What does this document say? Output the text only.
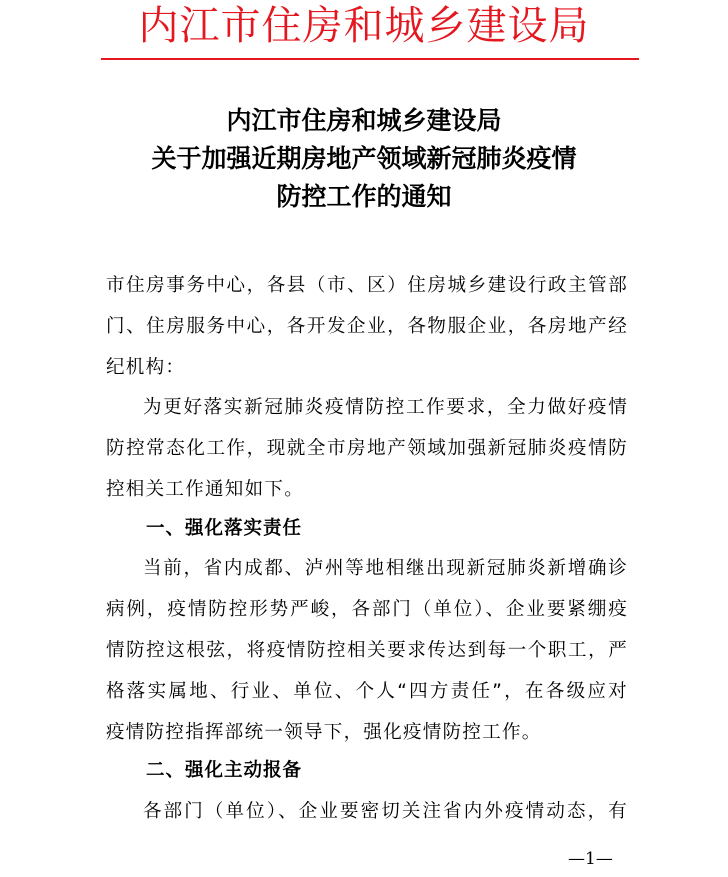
内江市住房和城乡建设局
内江市住房和城乡建设局
关于加强近期房地产领域新冠肺炎疫情
防控工作的通知
市住房事务中心，各县（市、区）住房城乡建设行政主管部
门、住房服务中心，各开发企业，各物服企业，各房地产经
纪机构：
为更好落实新冠肺炎疫情防控工作要求，全力做好疫情
防控常态化工作，现就全市房地产领域加强新冠肺炎疫情防
控相关工作通知如下。
一、强化落实责任
当前，省内成都、泸州等地相继出现新冠肺炎新增确诊
病例，疫情防控形势严峻，各部门（单位）、企业要紧绷疫
情防控这根弦，将疫情防控相关要求传达到每一个职工，严
格落实属地、行业、单位、个人“四方责任”，在各级应对
疫情防控指挥部统一领导下，强化疫情防控工作。
二、强化主动报备
各部门（单位）、企业要密切关注省内外疫情动态，有
—1—
